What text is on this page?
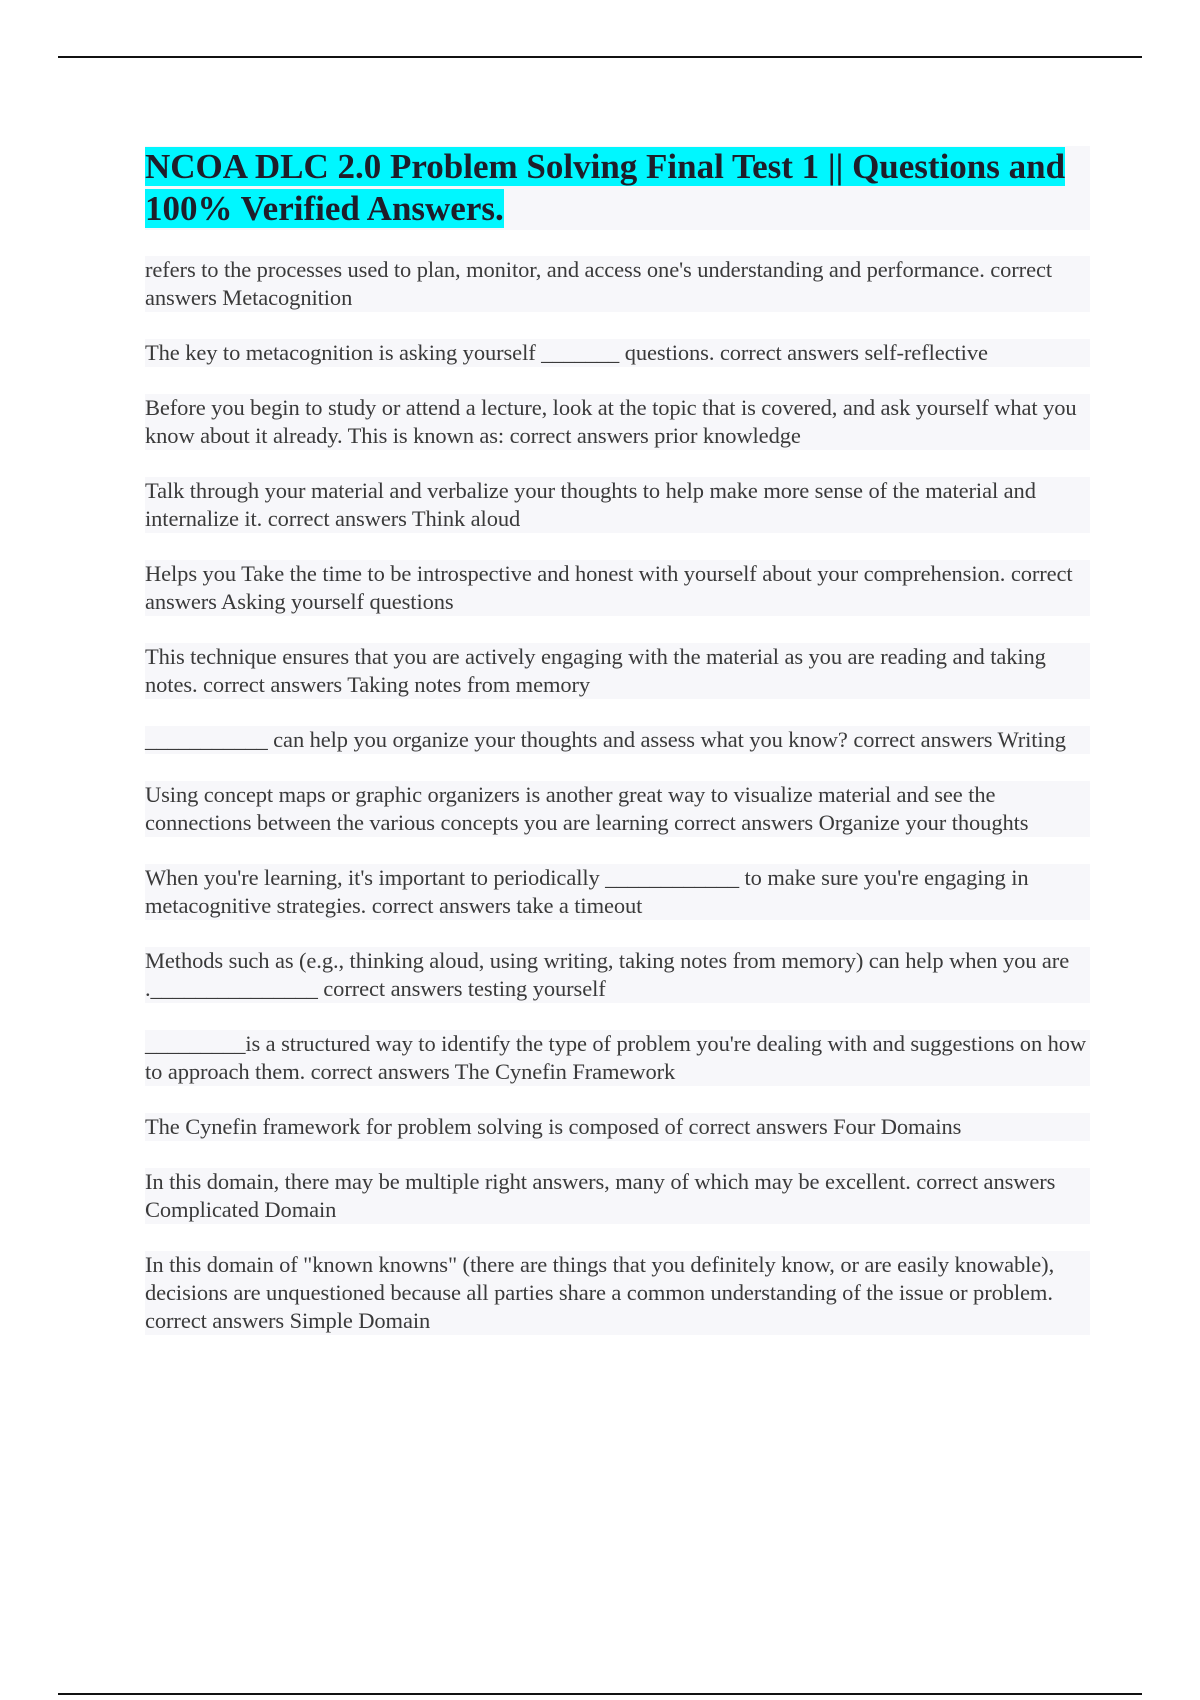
NCOA DLC 2.0 Problem Solving Final Test 1 || Questions and 100% Verified Answers.

refers to the processes used to plan, monitor, and access one's understanding and performance. correct answers Metacognition

The key to metacognition is asking yourself _______ questions. correct answers self-reflective

Before you begin to study or attend a lecture, look at the topic that is covered, and ask yourself what you know about it already. This is known as: correct answers prior knowledge

Talk through your material and verbalize your thoughts to help make more sense of the material and internalize it. correct answers Think aloud

Helps you Take the time to be introspective and honest with yourself about your comprehension. correct answers Asking yourself questions

This technique ensures that you are actively engaging with the material as you are reading and taking notes. correct answers Taking notes from memory

___________ can help you organize your thoughts and assess what you know? correct answers Writing

Using concept maps or graphic organizers is another great way to visualize material and see the connections between the various concepts you are learning correct answers Organize your thoughts

When you're learning, it's important to periodically ____________ to make sure you're engaging in metacognitive strategies. correct answers take a timeout

Methods such as (e.g., thinking aloud, using writing, taking notes from memory) can help when you are ._______________ correct answers testing yourself

_________is a structured way to identify the type of problem you're dealing with and suggestions on how to approach them. correct answers The Cynefin Framework

The Cynefin framework for problem solving is composed of correct answers Four Domains

In this domain, there may be multiple right answers, many of which may be excellent. correct answers Complicated Domain

In this domain of "known knowns" (there are things that you definitely know, or are easily knowable), decisions are unquestioned because all parties share a common understanding of the issue or problem. correct answers Simple Domain
